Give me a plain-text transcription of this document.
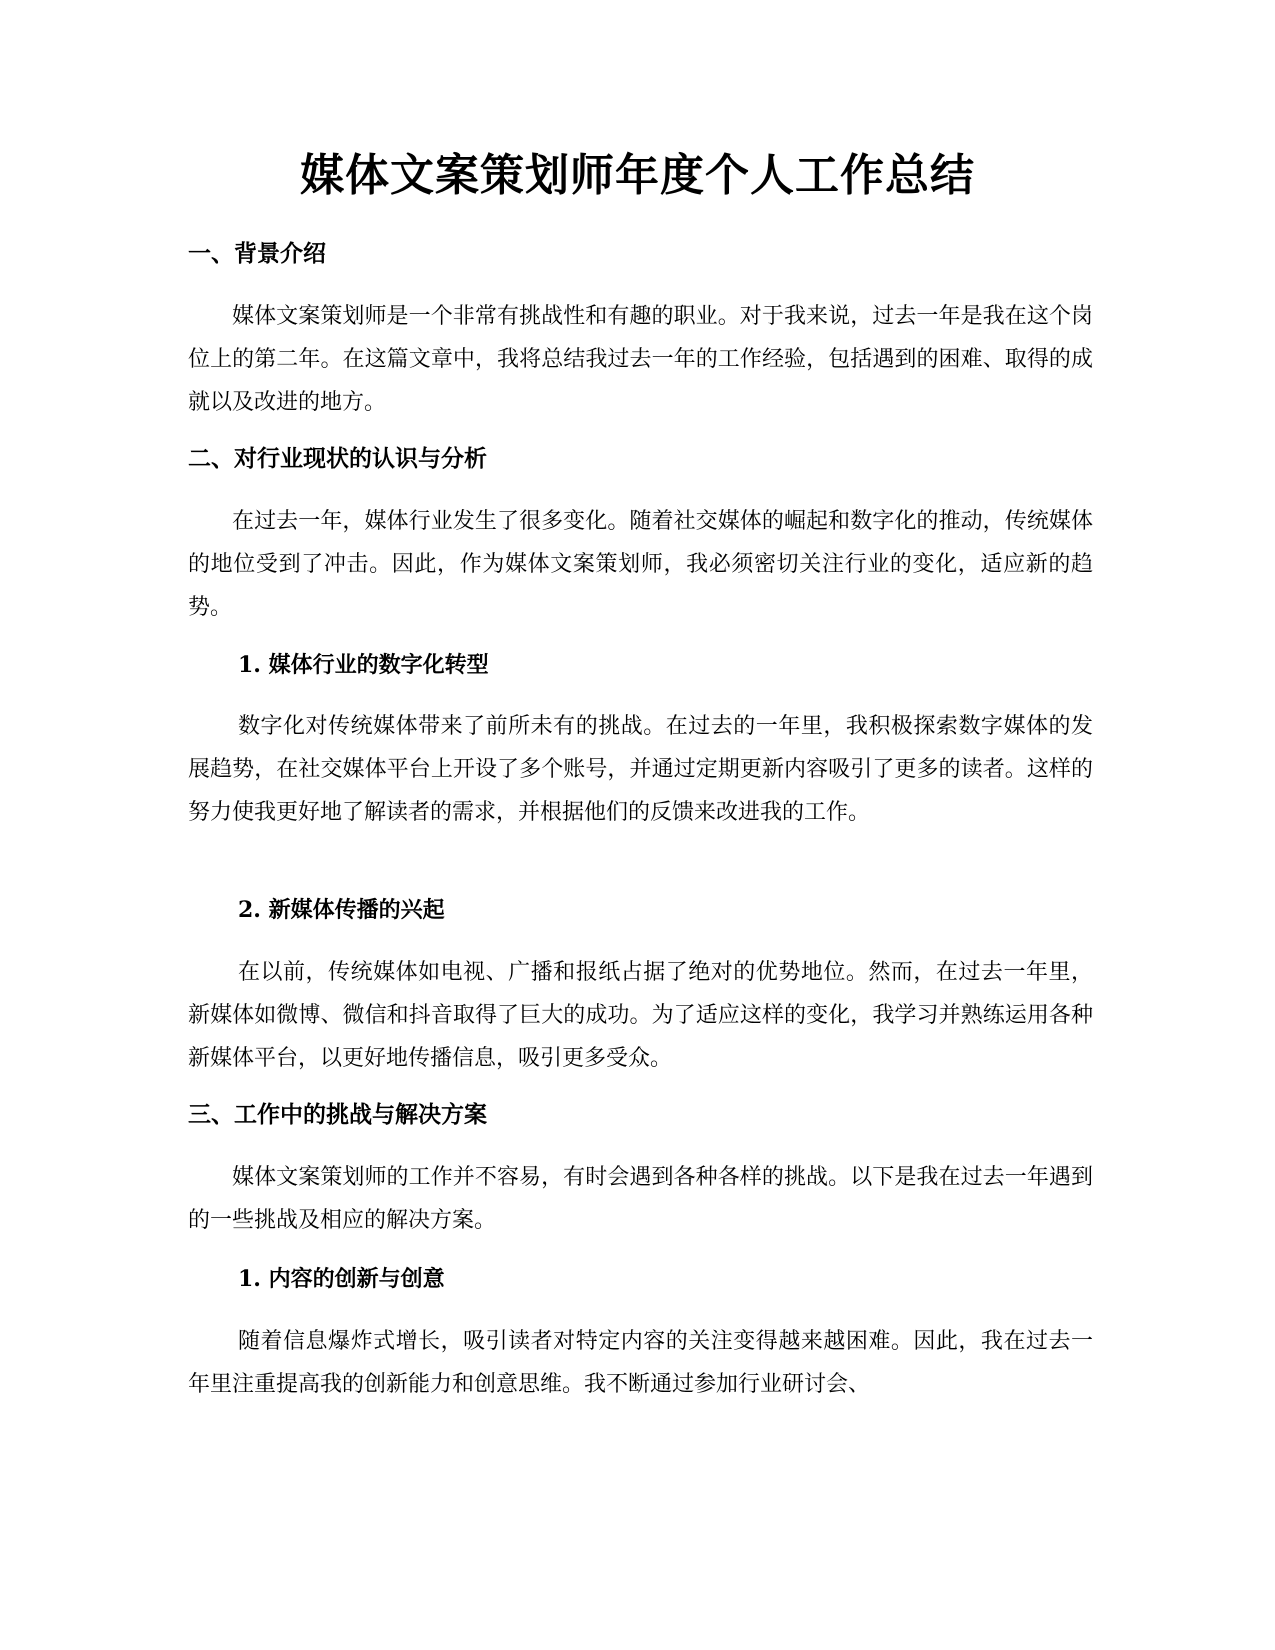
媒体文案策划师年度个人工作总结
一、背景介绍

媒体文案策划师是一个非常有挑战性和有趣的职业。对于我来说，过去一年是我在这个岗位上的第二年。在这篇文章中，我将总结我过去一年的工作经验，包括遇到的困难、取得的成就以及改进的地方。

二、对行业现状的认识与分析

在过去一年，媒体行业发生了很多变化。随着社交媒体的崛起和数字化的推动，传统媒体的地位受到了冲击。因此，作为媒体文案策划师，我必须密切关注行业的变化，适应新的趋势。

1. 媒体行业的数字化转型

数字化对传统媒体带来了前所未有的挑战。在过去的一年里，我积极探索数字媒体的发展趋势，在社交媒体平台上开设了多个账号，并通过定期更新内容吸引了更多的读者。这样的努力使我更好地了解读者的需求，并根据他们的反馈来改进我的工作。

2. 新媒体传播的兴起

在以前，传统媒体如电视、广播和报纸占据了绝对的优势地位。然而，在过去一年里，新媒体如微博、微信和抖音取得了巨大的成功。为了适应这样的变化，我学习并熟练运用各种新媒体平台，以更好地传播信息，吸引更多受众。

三、工作中的挑战与解决方案

媒体文案策划师的工作并不容易，有时会遇到各种各样的挑战。以下是我在过去一年遇到的一些挑战及相应的解决方案。

1. 内容的创新与创意

随着信息爆炸式增长，吸引读者对特定内容的关注变得越来越困难。因此，我在过去一年里注重提高我的创新能力和创意思维。我不断通过参加行业研讨会、
